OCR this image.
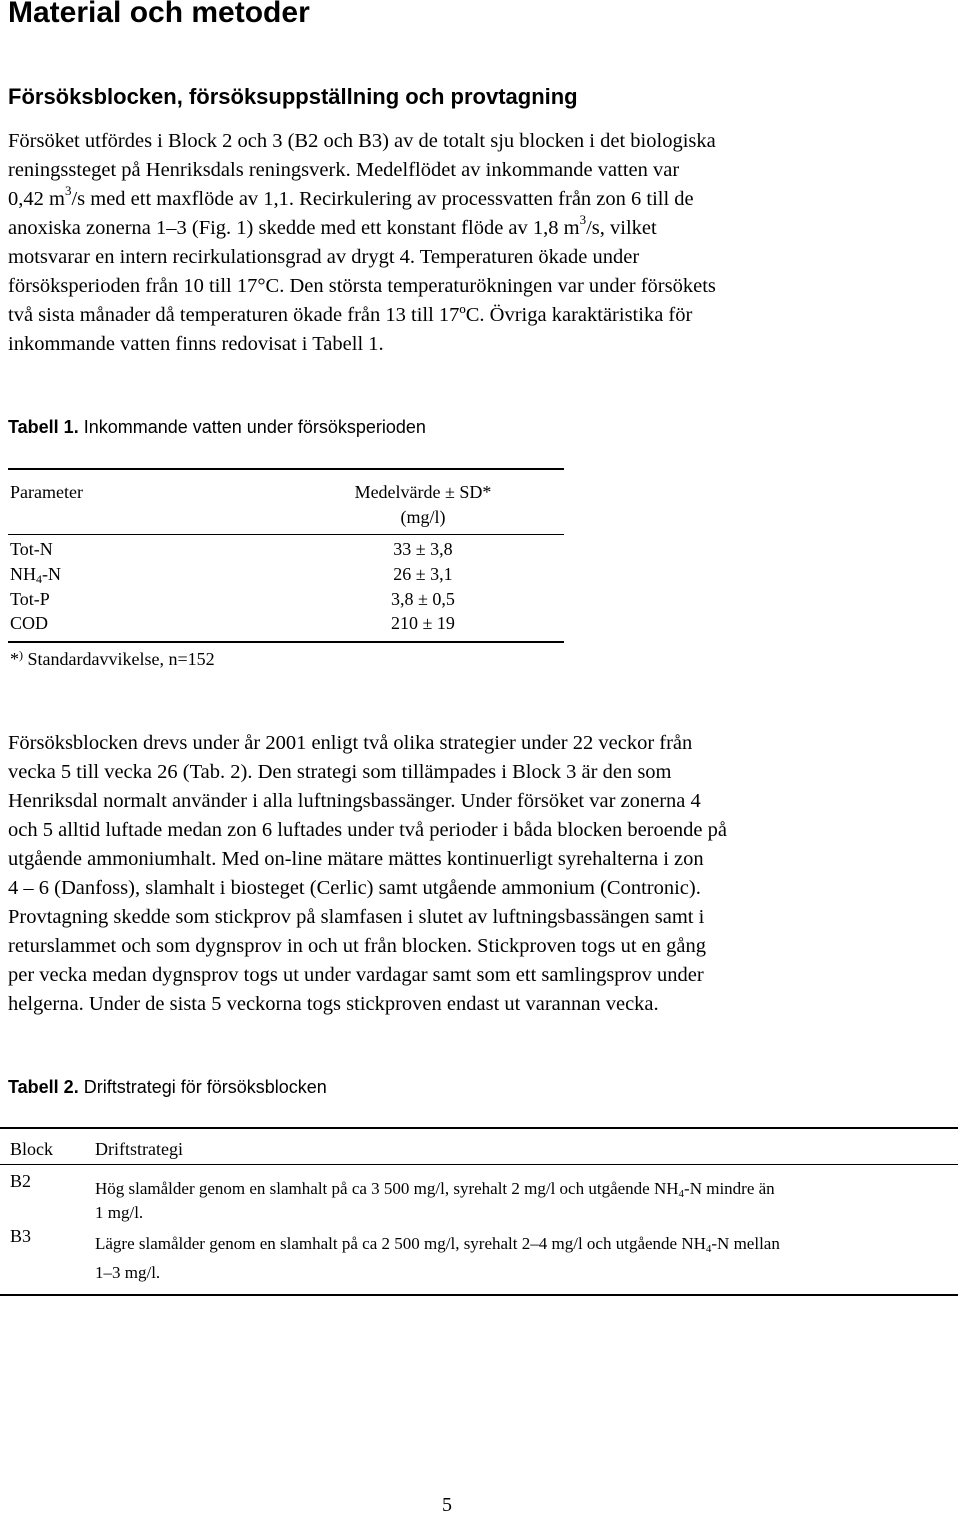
Material och metoder
Försöksblocken, försöksuppställning och provtagning
Försöket utfördes i Block 2 och 3 (B2 och B3) av de totalt sju blocken i det biologiska
reningssteget på Henriksdals reningsverk. Medelflödet av inkommande vatten var
0,42 $m^3/s$ med ett maxflöde av 1,1. Recirkulering av processvatten från zon 6 till de
anoxiska zonerna 1–3 (Fig. 1) skedde med ett konstant flöde av 1,8 $m^3/s$, vilket
motsvarar en intern recirkulationsgrad av drygt 4. Temperaturen ökade under
försöksperioden från 10 till 17°C. Den största temperaturökningen var under försökets
två sista månader då temperaturen ökade från 13 till 17ºC. Övriga karaktäristika för
inkommande vatten finns redovisat i Tabell 1.
Tabell 1. Inkommande vatten under försöksperioden
Parameter	Medelvärde ± SD*
(mg/l)
Tot-N	33 ± 3,8
$NH_4-N$	26 ± 3,1
Tot-P	3,8 ± 0,5
COD	210 ± 19
*) Standardavvikelse, n=152
Försöksblocken drevs under år 2001 enligt två olika strategier under 22 veckor från
vecka 5 till vecka 26 (Tab. 2). Den strategi som tillämpades i Block 3 är den som
Henriksdal normalt använder i alla luftningsbassänger. Under försöket var zonerna 4
och 5 alltid luftade medan zon 6 luftades under två perioder i båda blocken beroende på
utgående ammoniumhalt. Med on-line mätare mättes kontinuerligt syrehalterna i zon
4 – 6 (Danfoss), slamhalt i biosteget (Cerlic) samt utgående ammonium (Contronic).
Provtagning skedde som stickprov på slamfasen i slutet av luftningsbassängen samt i
returslammet och som dygnsprov in och ut från blocken. Stickproven togs ut en gång
per vecka medan dygnsprov togs ut under vardagar samt som ett samlingsprov under
helgerna. Under de sista 5 veckorna togs stickproven endast ut varannan vecka.
Tabell 2. Driftstrategi för försöksblocken
Block Driftstrategi
B2	Hög slamålder genom en slamhalt på ca 3 500 mg/l, syrehalt 2 mg/l och utgående $NH_4-N$ mindre än
1 mg/l.
B3	Lägre slamålder genom en slamhalt på ca 2 500 mg/l, syrehalt 2–4 mg/l och utgående $NH_4-N$ mellan
1–3 mg/l.
5
